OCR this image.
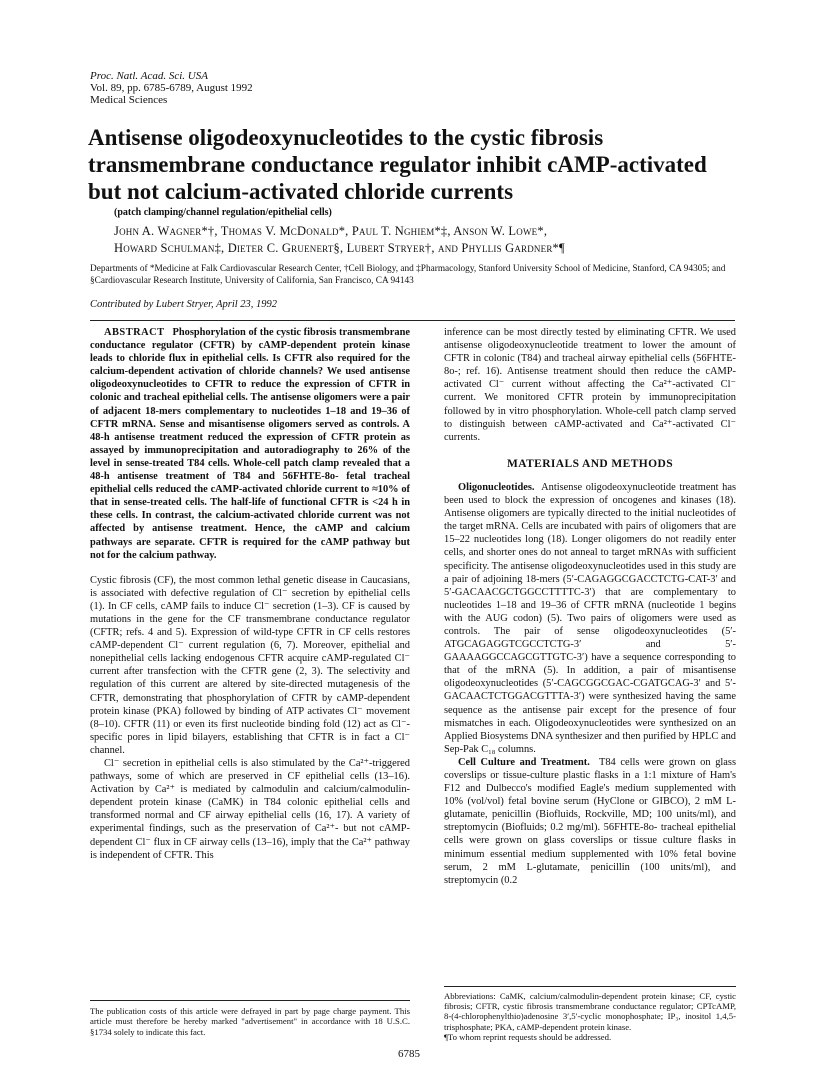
Proc. Natl. Acad. Sci. USA
Vol. 89, pp. 6785-6789, August 1992
Medical Sciences
Antisense oligodeoxynucleotides to the cystic fibrosis transmembrane conductance regulator inhibit cAMP-activated but not calcium-activated chloride currents
(patch clamping/channel regulation/epithelial cells)
John A. Wagner*†, Thomas V. McDonald*, Paul T. Nghiem*‡, Anson W. Lowe*,
Howard Schulman‡, Dieter C. Gruenert§, Lubert Stryer†, and Phyllis Gardner*¶
Departments of *Medicine at Falk Cardiovascular Research Center, †Cell Biology, and ‡Pharmacology, Stanford University School of Medicine, Stanford, CA 94305; and §Cardiovascular Research Institute, University of California, San Francisco, CA 94143
Contributed by Lubert Stryer, April 23, 1992

ABSTRACT Phosphorylation of the cystic fibrosis transmembrane conductance regulator (CFTR) by cAMP-dependent protein kinase leads to chloride flux in epithelial cells. Is CFTR also required for the calcium-dependent activation of chloride channels? We used antisense oligodeoxynucleotides to CFTR to reduce the expression of CFTR in colonic and tracheal epithelial cells. The antisense oligomers were a pair of adjacent 18-mers complementary to nucleotides 1–18 and 19–36 of CFTR mRNA. Sense and misantisense oligomers served as controls. A 48-h antisense treatment reduced the expression of CFTR protein as assayed by immunoprecipitation and autoradiography to 26% of the level in sense-treated T84 cells. Whole-cell patch clamp revealed that a 48-h antisense treatment of T84 and 56FHTE-8o- fetal tracheal epithelial cells reduced the cAMP-activated chloride current to ≈10% of that in sense-treated cells. The half-life of functional CFTR is <24 h in these cells. In contrast, the calcium-activated chloride current was not affected by antisense treatment. Hence, the cAMP and calcium pathways are separate. CFTR is required for the cAMP pathway but not for the calcium pathway.

Cystic fibrosis (CF), the most common lethal genetic disease in Caucasians, is associated with defective regulation of Cl⁻ secretion by epithelial cells (1). In CF cells, cAMP fails to induce Cl⁻ secretion (1–3). CF is caused by mutations in the gene for the CF transmembrane conductance regulator (CFTR; refs. 4 and 5). Expression of wild-type CFTR in CF cells restores cAMP-dependent Cl⁻ current regulation (6, 7). Moreover, epithelial and nonepithelial cells lacking endogenous CFTR acquire cAMP-regulated Cl⁻ current after transfection with the CFTR gene (2, 3). The selectivity and regulation of this current are altered by site-directed mutagenesis of the CFTR, demonstrating that phosphorylation of CFTR by cAMP-dependent protein kinase (PKA) followed by binding of ATP activates Cl⁻ movement (8–10). CFTR (11) or even its first nucleotide binding fold (12) act as Cl⁻-specific pores in lipid bilayers, establishing that CFTR is in fact a Cl⁻ channel.

Cl⁻ secretion in epithelial cells is also stimulated by the Ca²⁺-triggered pathways, some of which are preserved in CF epithelial cells (13–16). Activation by Ca²⁺ is mediated by calmodulin and calcium/calmodulin-dependent protein kinase (CaMK) in T84 colonic epithelial cells and transformed normal and CF airway epithelial cells (16, 17). A variety of experimental findings, such as the preservation of Ca²⁺- but not cAMP-dependent Cl⁻ flux in CF airway cells (13–16), imply that the Ca²⁺ pathway is independent of CFTR. This

inference can be most directly tested by eliminating CFTR. We used antisense oligodeoxynucleotide treatment to lower the amount of CFTR in colonic (T84) and tracheal airway epithelial cells (56FHTE-8o-; ref. 16). Antisense treatment should then reduce the cAMP-activated Cl⁻ current without affecting the Ca²⁺-activated Cl⁻ current. We monitored CFTR protein by immunoprecipitation followed by in vitro phosphorylation. Whole-cell patch clamp served to distinguish between cAMP-activated and Ca²⁺-activated Cl⁻ currents.

MATERIALS AND METHODS

Oligonucleotides. Antisense oligodeoxynucleotide treatment has been used to block the expression of oncogenes and kinases (18). Antisense oligomers are typically directed to the initial nucleotides of the target mRNA. Cells are incubated with pairs of oligomers that are 15–22 nucleotides long (18). Longer oligomers do not readily enter cells, and shorter ones do not anneal to target mRNAs with sufficient specificity. The antisense oligodeoxynucleotides used in this study are a pair of adjoining 18-mers (5′-CAGAGGCGACCTCTG-CAT-3′ and 5′-GACAACGCTGGCCTTTTC-3′) that are complementary to nucleotides 1–18 and 19–36 of CFTR mRNA (nucleotide 1 begins with the AUG codon) (5). Two pairs of oligomers were used as controls. The pair of sense oligodeoxynucleotides (5′-ATGCAGAGGTCGCCTCTG-3′ and 5′-GAAAAGGCCAGCGTTGTC-3′) have a sequence corresponding to that of the mRNA (5). In addition, a pair of misantisense oligodeoxynucleotides (5′-CAGCGGCGAC-CGATGCAG-3′ and 5′-GACAACTCTGGACGTTTA-3′) were synthesized having the same sequence as the antisense pair except for the presence of four mismatches in each. Oligodeoxynucleotides were synthesized on an Applied Biosystems DNA synthesizer and then purified by HPLC and Sep-Pak C₁₈ columns.

Cell Culture and Treatment. T84 cells were grown on glass coverslips or tissue-culture plastic flasks in a 1:1 mixture of Ham's F12 and Dulbecco's modified Eagle's medium supplemented with 10% (vol/vol) fetal bovine serum (HyClone or GIBCO), 2 mM L-glutamate, penicillin (Biofluids, Rockville, MD; 100 units/ml), and streptomycin (Biofluids; 0.2 mg/ml). 56FHTE-8o- tracheal epithelial cells were grown on glass coverslips or tissue culture flasks in minimum essential medium supplemented with 10% fetal bovine serum, 2 mM L-glutamate, penicillin (100 units/ml), and streptomycin (0.2

The publication costs of this article were defrayed in part by page charge payment. This article must therefore be hereby marked "advertisement" in accordance with 18 U.S.C. §1734 solely to indicate this fact.
Abbreviations: CaMK, calcium/calmodulin-dependent protein kinase; CF, cystic fibrosis; CFTR, cystic fibrosis transmembrane conductance regulator; CPTcAMP, 8-(4-chlorophenylthio)adenosine 3′,5′-cyclic monophosphate; IP₃, inositol 1,4,5-trisphosphate; PKA, cAMP-dependent protein kinase.
¶To whom reprint requests should be addressed.
6785
